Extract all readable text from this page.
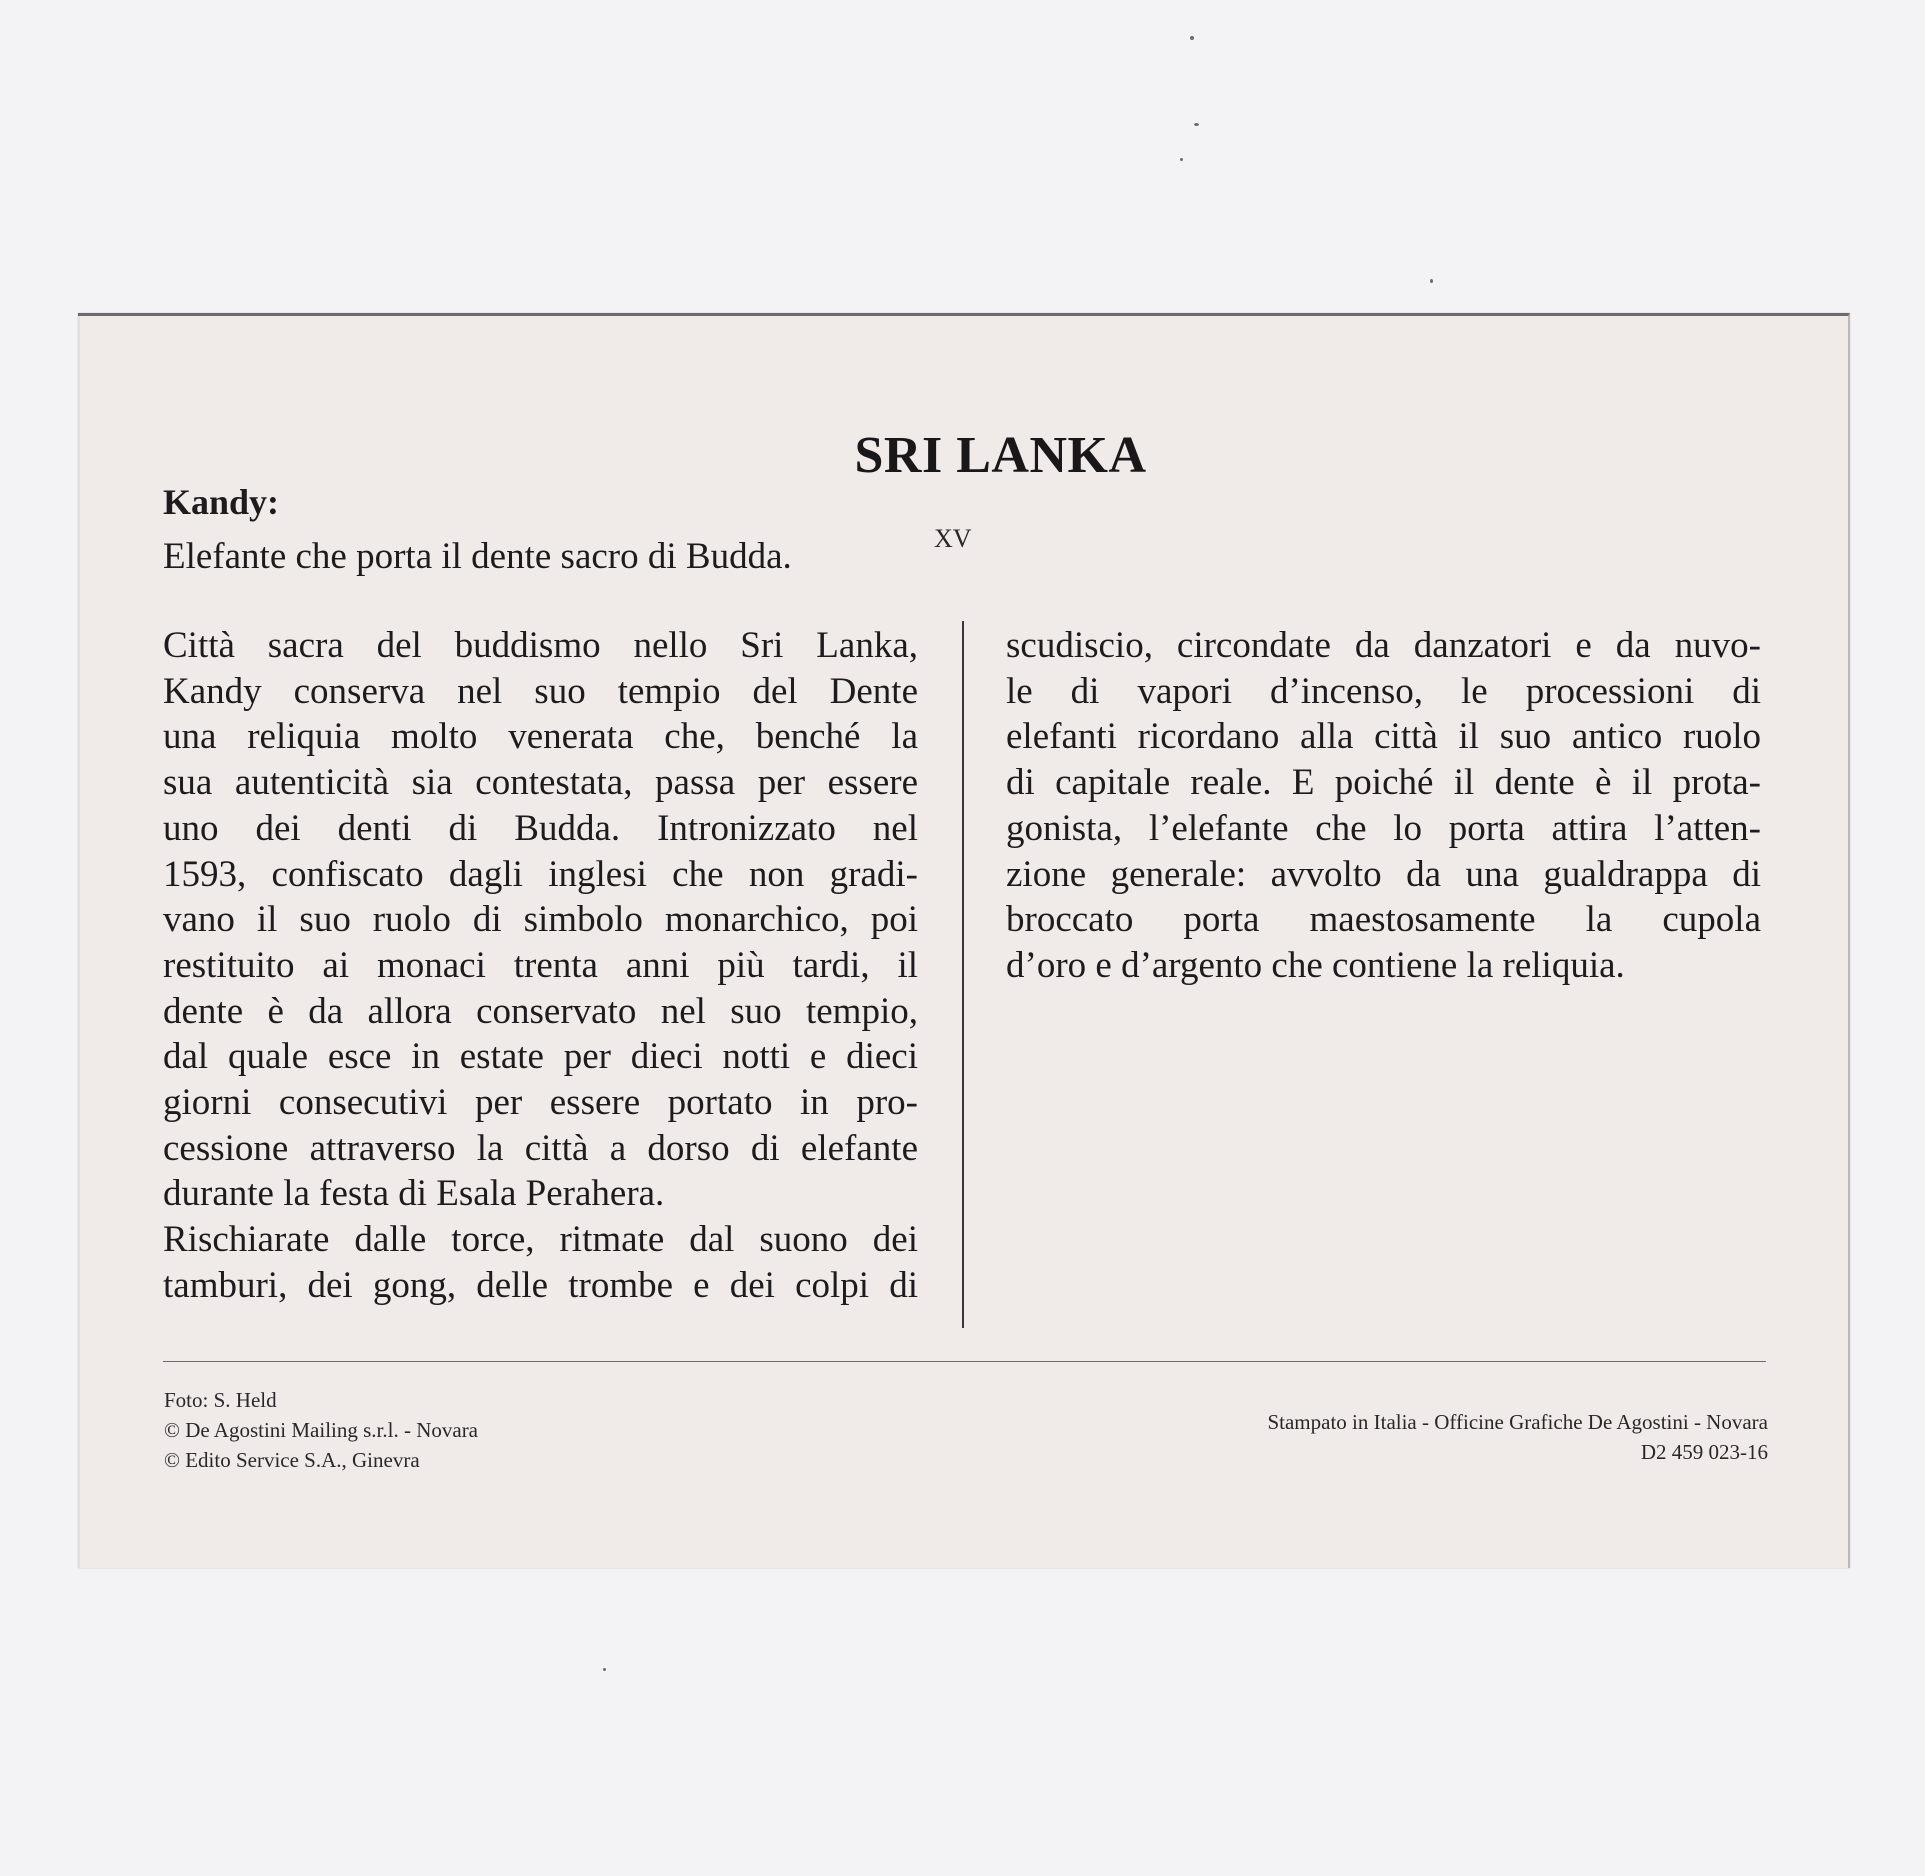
SRI LANKA
Kandy:
Elefante che porta il dente sacro di Budda.	XV
Città sacra del buddismo nello Sri Lanka,
Kandy conserva nel suo tempio del Dente
una reliquia molto venerata che, benché la
sua autenticità sia contestata, passa per essere
uno dei denti di Budda. Intronizzato nel
1593, confiscato dagli inglesi che non gradi-
vano il suo ruolo di simbolo monarchico, poi
restituito ai monaci trenta anni più tardi, il
dente è da allora conservato nel suo tempio,
dal quale esce in estate per dieci notti e dieci
giorni consecutivi per essere portato in pro-
cessione attraverso la città a dorso di elefante
durante la festa di Esala Perahera.
Rischiarate dalle torce, ritmate dal suono dei
tamburi, dei gong, delle trombe e dei colpi di
scudiscio, circondate da danzatori e da nuvo-
le di vapori d’incenso, le processioni di
elefanti ricordano alla città il suo antico ruolo
di capitale reale. E poiché il dente è il prota-
gonista, l’elefante che lo porta attira l’atten-
zione generale: avvolto da una gualdrappa di
broccato porta maestosamente la cupola
d’oro e d’argento che contiene la reliquia.
Foto: S. Held
© De Agostini Mailing s.r.l. - Novara
© Edito Service S.A., Ginevra
Stampato in Italia - Officine Grafiche De Agostini - Novara
D2 459 023-16
